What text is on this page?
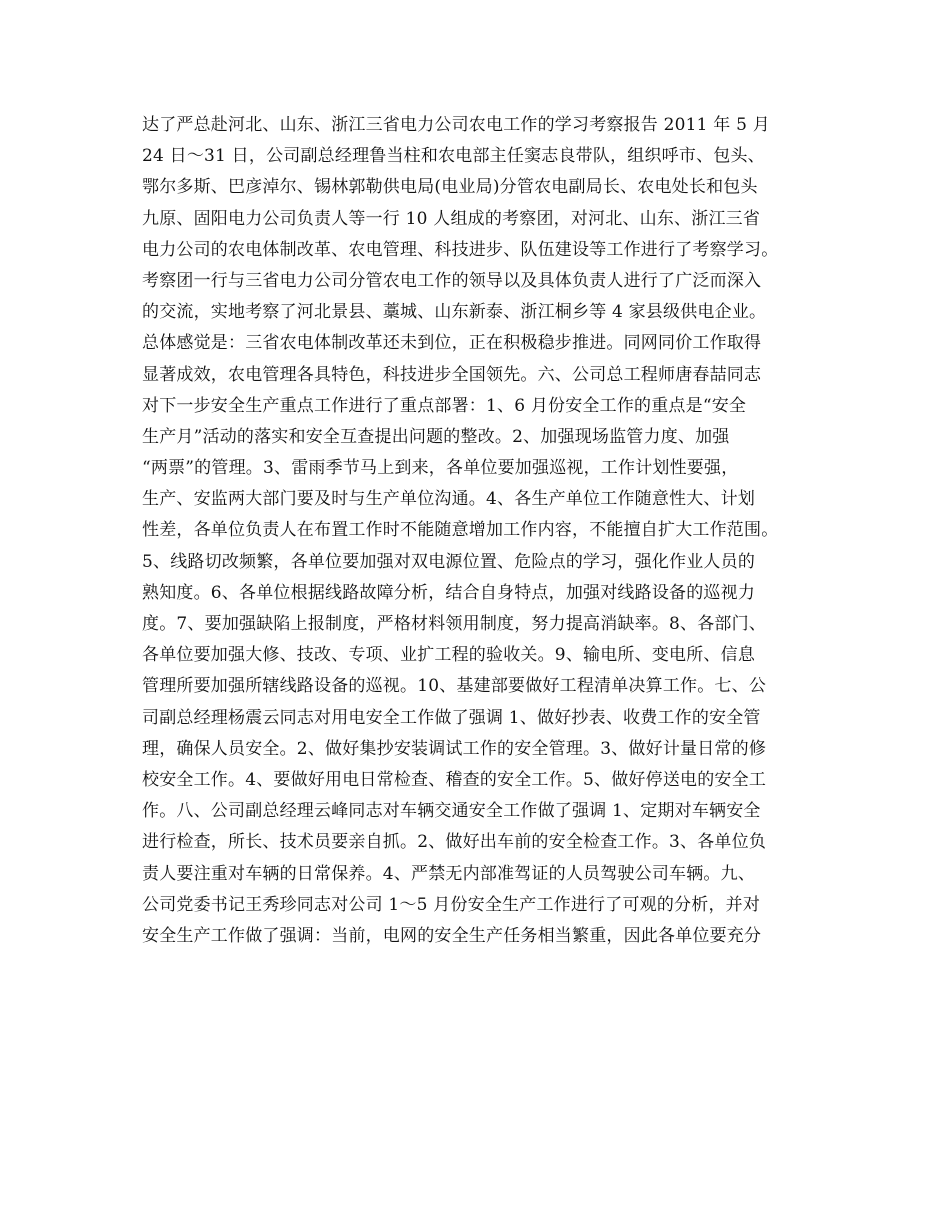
达了严总赴河北、山东、浙江三省电力公司农电工作的学习考察报告 2011 年 5 月
24 日～31 日，公司副总经理鲁当柱和农电部主任窦志良带队，组织呼市、包头、
鄂尔多斯、巴彦淖尔、锡林郭勒供电局(电业局)分管农电副局长、农电处长和包头
九原、固阳电力公司负责人等一行 10 人组成的考察团，对河北、山东、浙江三省
电力公司的农电体制改革、农电管理、科技进步、队伍建设等工作进行了考察学习。
考察团一行与三省电力公司分管农电工作的领导以及具体负责人进行了广泛而深入
的交流，实地考察了河北景县、藁城、山东新泰、浙江桐乡等 4 家县级供电企业。
总体感觉是：三省农电体制改革还未到位，正在积极稳步推进。同网同价工作取得
显著成效，农电管理各具特色，科技进步全国领先。六、公司总工程师唐春喆同志
对下一步安全生产重点工作进行了重点部署：1、6 月份安全工作的重点是“安全
生产月”活动的落实和安全互查提出问题的整改。2、加强现场监管力度、加强
“两票”的管理。3、雷雨季节马上到来，各单位要加强巡视，工作计划性要强，
生产、安监两大部门要及时与生产单位沟通。4、各生产单位工作随意性大、计划
性差，各单位负责人在布置工作时不能随意增加工作内容，不能擅自扩大工作范围。
5、线路切改频繁，各单位要加强对双电源位置、危险点的学习，强化作业人员的
熟知度。6、各单位根据线路故障分析，结合自身特点，加强对线路设备的巡视力
度。7、要加强缺陷上报制度，严格材料领用制度，努力提高消缺率。8、各部门、
各单位要加强大修、技改、专项、业扩工程的验收关。9、输电所、变电所、信息
管理所要加强所辖线路设备的巡视。10、基建部要做好工程清单决算工作。七、公
司副总经理杨震云同志对用电安全工作做了强调 1、做好抄表、收费工作的安全管
理，确保人员安全。2、做好集抄安装调试工作的安全管理。3、做好计量日常的修
校安全工作。4、要做好用电日常检查、稽查的安全工作。5、做好停送电的安全工
作。八、公司副总经理云峰同志对车辆交通安全工作做了强调 1、定期对车辆安全
进行检查，所长、技术员要亲自抓。2、做好出车前的安全检查工作。3、各单位负
责人要注重对车辆的日常保养。4、严禁无内部准驾证的人员驾驶公司车辆。九、
公司党委书记王秀珍同志对公司 1～5 月份安全生产工作进行了可观的分析，并对
安全生产工作做了强调：当前，电网的安全生产任务相当繁重，因此各单位要充分
